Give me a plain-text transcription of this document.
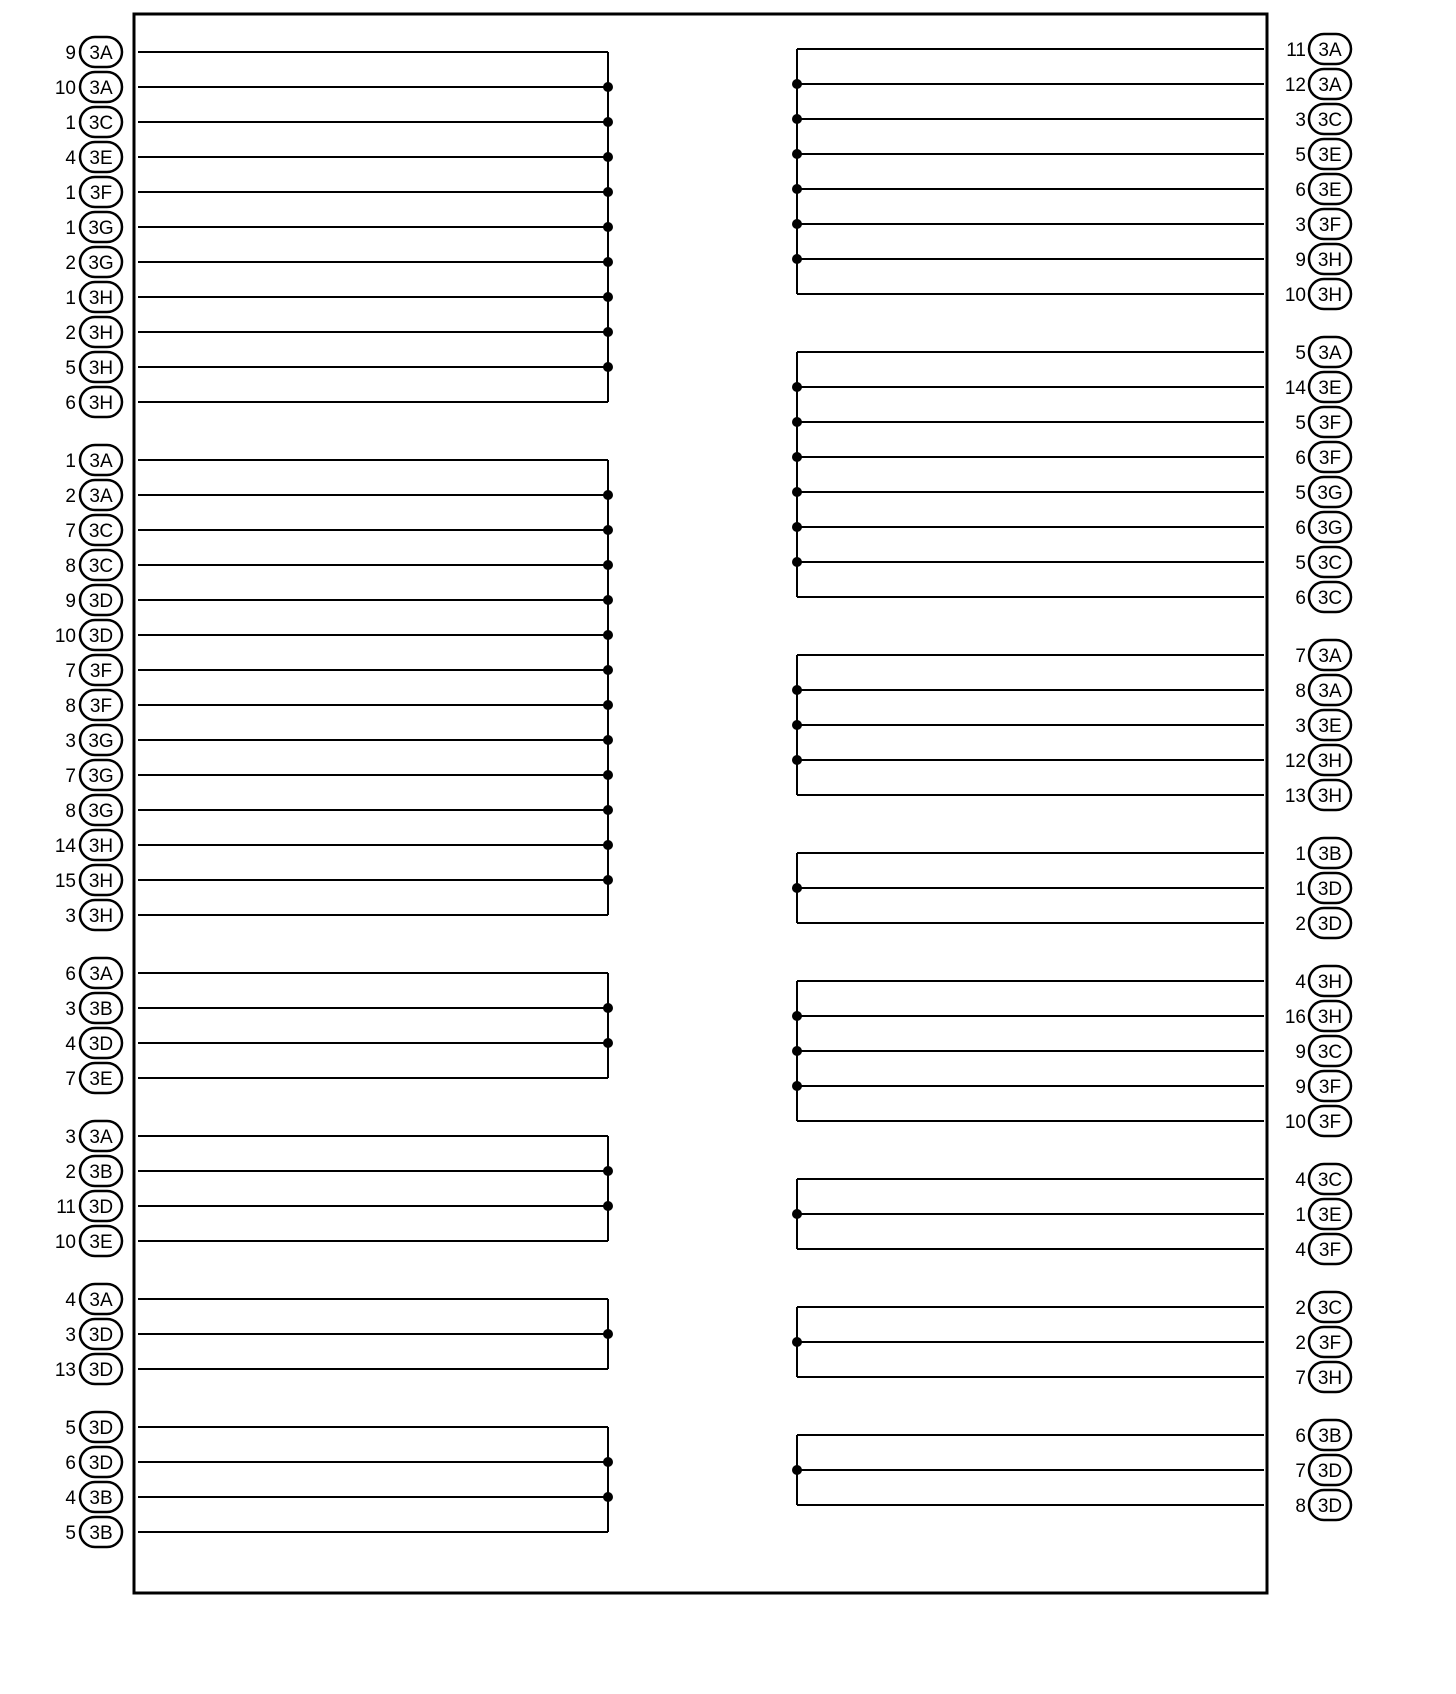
9 3A
10 3A
1 3C
4 3E
1 3F
1 3G
2 3G
1 3H
2 3H
5 3H
6 3H
1 3A
2 3A
7 3C
8 3C
9 3D
10 3D
7 3F
8 3F
3 3G
7 3G
8 3G
14 3H
15 3H
3 3H
6 3A
3 3B
4 3D
7 3E
3 3A
2 3B
11 3D
10 3E
4 3A
3 3D
13 3D
5 3D
6 3D
4 3B
5 3B
11 3A
12 3A
3 3C
5 3E
6 3E
3 3F
9 3H
10 3H
5 3A
14 3E
5 3F
6 3F
5 3G
6 3G
5 3C
6 3C
7 3A
8 3A
3 3E
12 3H
13 3H
1 3B
1 3D
2 3D
4 3H
16 3H
9 3C
9 3F
10 3F
4 3C
1 3E
4 3F
2 3C
2 3F
7 3H
6 3B
7 3D
8 3D
